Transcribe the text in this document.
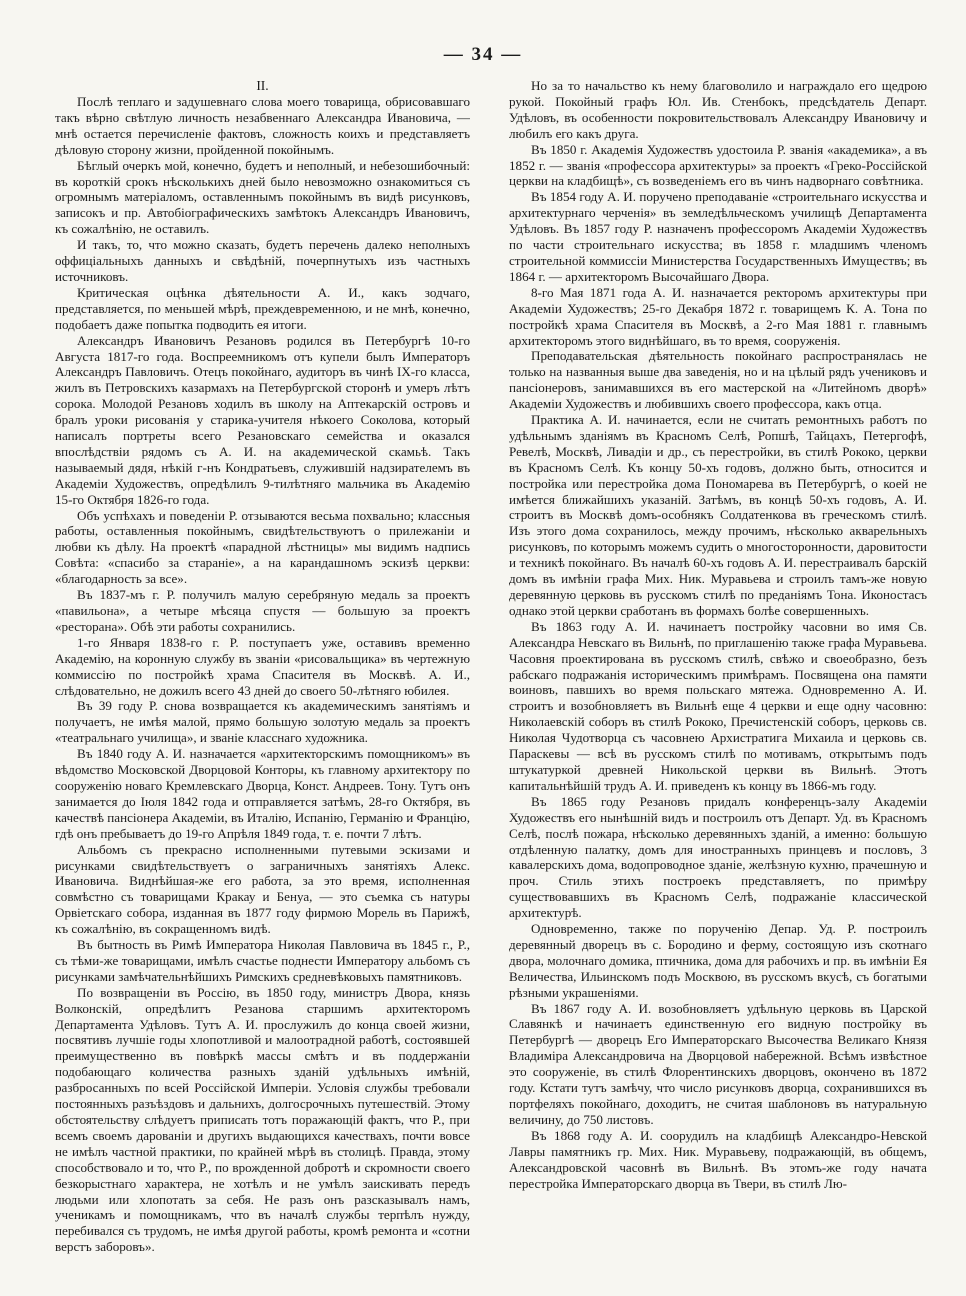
— 34 —

II.

Послѣ теплаго и задушевнаго слова моего товарища, обрисовавшаго такъ вѣрно свѣтлую личность незабвеннаго Александра Ивановича, — мнѣ остается перечисленіе фактовъ, сложность коихъ и представляетъ дѣловую сторону жизни, пройденной покойнымъ.

Бѣглый очеркъ мой, конечно, будетъ и неполный, и небезошибочный: въ короткій срокъ нѣсколькихъ дней было невозможно ознакомиться съ огромнымъ матеріаломъ, оставленнымъ покойнымъ въ видѣ рисунковъ, записокъ и пр. Автобіографическихъ замѣтокъ Александръ Ивановичъ, къ сожалѣнію, не оставилъ.

И такъ, то, что можно сказать, будетъ перечень далеко неполныхъ оффиціальныхъ данныхъ и свѣдѣній, почерпнутыхъ изъ частныхъ источниковъ.

Критическая оцѣнка дѣятельности А. И., какъ зодчаго, представляется, по меньшей мѣрѣ, преждевременною, и не мнѣ, конечно, подобаетъ даже попытка подводить ея итоги.

Александръ Ивановичъ Резановъ родился въ Петербургѣ 10-го Августа 1817-го года. Воспреемникомъ отъ купели былъ Императоръ Александръ Павловичъ. Отецъ покойнаго, аудиторъ въ чинѣ IX-го класса, жилъ въ Петровскихъ казармахъ на Петербургской сторонѣ и умеръ лѣтъ сорока. Молодой Резановъ ходилъ въ школу на Аптекарскій островъ и бралъ уроки рисованія у старика-учителя нѣкоего Соколова, который написалъ портреты всего Резановскаго семейства и оказался впослѣдствіи рядомъ съ А. И. на академической скамьѣ. Такъ называемый дядя, нѣкій г-нъ Кондратьевъ, служившій надзирателемъ въ Академіи Художествъ, опредѣлилъ 9-тилѣтняго мальчика въ Академію 15-го Октября 1826-го года.

Объ успѣхахъ и поведеніи Р. отзываются весьма похвально; классныя работы, оставленныя покойнымъ, свидѣтельствуютъ о прилежаніи и любви къ дѣлу. На проектѣ «парадной лѣстницы» мы видимъ надпись Совѣта: «спасибо за стараніе», а на карандашномъ эскизѣ церкви: «благодарность за все».

Въ 1837-мъ г. Р. получилъ малую серебряную медаль за проектъ «павильона», а четыре мѣсяца спустя — большую за проектъ «ресторана». Обѣ эти работы сохранились.

1-го Января 1838-го г. Р. поступаетъ уже, оставивъ временно Академію, на коронную службу въ званіи «рисовальщика» въ чертежную коммиссію по постройкѣ храма Спасителя въ Москвѣ. А. И., слѣдовательно, не дожилъ всего 43 дней до своего 50-лѣтняго юбилея.

Въ 39 году Р. снова возвращается къ академическимъ занятіямъ и получаетъ, не имѣя малой, прямо большую золотую медаль за проектъ «театральнаго училища», и званіе класснаго художника.

Въ 1840 году А. И. назначается «архитекторскимъ помощникомъ» въ вѣдомство Московской Дворцовой Конторы, къ главному архитектору по сооруженію новаго Кремлевскаго Дворца, Конст. Андреев. Тону. Тутъ онъ занимается до Іюля 1842 года и отправляется затѣмъ, 28-го Октября, въ качествѣ пансіонера Академіи, въ Италію, Испанію, Германію и Францію, гдѣ онъ пребываетъ до 19-го Апрѣля 1849 года, т. е. почти 7 лѣтъ.

Альбомъ съ прекрасно исполненными путевыми эскизами и рисунками свидѣтельствуетъ о заграничныхъ занятіяхъ Алекс. Ивановича. Виднѣйшая-же его работа, за это время, исполненная совмѣстно съ товарищами Кракау и Бенуа, — это съемка съ натуры Орвіетскаго собора, изданная въ 1877 году фирмою Морель въ Парижѣ, къ сожалѣнію, въ сокращенномъ видѣ.

Въ бытность въ Римѣ Императора Николая Павловича въ 1845 г., Р., съ тѣми-же товарищами, имѣлъ счастье поднести Императору альбомъ съ рисунками замѣчательнѣйшихъ Римскихъ средневѣковыхъ памятниковъ.

По возвращеніи въ Россію, въ 1850 году, министръ Двора, князь Волконскій, опредѣлитъ Резанова старшимъ архитекторомъ Департамента Удѣловъ. Тутъ А. И. прослужилъ до конца своей жизни, посвятивъ лучшіе годы хлопотливой и малоотрадной работѣ, состоявшей преимущественно въ повѣркѣ массы смѣтъ и въ поддержаніи подобающаго количества разныхъ зданій удѣльныхъ имѣній, разбросанныхъ по всей Россійской Имперіи. Условія службы требовали постоянныхъ разъѣздовъ и дальнихъ, долгосрочныхъ путешествій. Этому обстоятельству слѣдуетъ приписать тотъ поражающій фактъ, что Р., при всемъ своемъ дарованіи и другихъ выдающихся качествахъ, почти вовсе не имѣлъ частной практики, по крайней мѣрѣ въ столицѣ. Правда, этому способствовало и то, что Р., по врожденной добротѣ и скромности своего безкорыстнаго характера, не хотѣлъ и не умѣлъ заискивать передъ людьми или хлопотать за себя. Не разъ онъ разсказывалъ намъ, ученикамъ и помощникамъ, что въ началѣ службы терпѣлъ нужду, перебивался съ трудомъ, не имѣя другой работы, кромѣ ремонта и «сотни верстъ заборовъ».

Но за то начальство къ нему благоволило и награждало его щедрою рукой. Покойный графъ Юл. Ив. Стенбокъ, предсѣдатель Департ. Удѣловъ, въ особенности покровительствовалъ Александру Ивановичу и любилъ его какъ друга.

Въ 1850 г. Академія Художествъ удостоила Р. званія «академика», а въ 1852 г. — званія «профессора архитектуры» за проектъ «Греко-Россійской церкви на кладбищѣ», съ возведеніемъ его въ чинъ надворнаго совѣтника.

Въ 1854 году А. И. поручено преподаваніе «строительнаго искусства и архитектурнаго черченія» въ земледѣльческомъ училищѣ Департамента Удѣловъ. Въ 1857 году Р. назначенъ профессоромъ Академіи Художествъ по части строительнаго искусства; въ 1858 г. младшимъ членомъ строительной коммиссіи Министерства Государственныхъ Имуществъ; въ 1864 г. — архитекторомъ Высочайшаго Двора.

8-го Мая 1871 года А. И. назначается ректоромъ архитектуры при Академіи Художествъ; 25-го Декабря 1872 г. товарищемъ К. А. Тона по постройкѣ храма Спасителя въ Москвѣ, а 2-го Мая 1881 г. главнымъ архитекторомъ этого виднѣйшаго, въ то время, сооруженія.

Преподавательская дѣятельность покойнаго распространялась не только на названныя выше два заведенія, но и на цѣлый рядъ учениковъ и пансіонеровъ, занимавшихся въ его мастерской на «Литейномъ дворѣ» Академіи Художествъ и любившихъ своего профессора, какъ отца.

Практика А. И. начинается, если не считать ремонтныхъ работъ по удѣльнымъ зданіямъ въ Красномъ Селѣ, Ропшѣ, Тайцахъ, Петергофѣ, Ревелѣ, Москвѣ, Ливадіи и др., съ перестройки, въ стилѣ Рококо, церкви въ Красномъ Селѣ. Къ концу 50-хъ годовъ, должно быть, относится и постройка или перестройка дома Пономарева въ Петербургѣ, о коей не имѣется ближайшихъ указаній. Затѣмъ, въ концѣ 50-хъ годовъ, А. И. строитъ въ Москвѣ домъ-особнякъ Солдатенкова въ греческомъ стилѣ. Изъ этого дома сохранилось, между прочимъ, нѣсколько акварельныхъ рисунковъ, по которымъ можемъ судить о многосторонности, даровитости и техникѣ покойнаго. Въ началѣ 60-хъ годовъ А. И. перестраивалъ барскій домъ въ имѣніи графа Мих. Ник. Муравьева и строилъ тамъ-же новую деревянную церковь въ русскомъ стилѣ по преданіямъ Тона. Иконостасъ однако этой церкви сработанъ въ формахъ болѣе совершенныхъ.

Въ 1863 году А. И. начинаетъ постройку часовни во имя Св. Александра Невскаго въ Вильнѣ, по приглашенію также графа Муравьева. Часовня проектирована въ русскомъ стилѣ, свѣжо и своеобразно, безъ рабскаго подражанія историческимъ примѣрамъ. Посвящена она памяти воиновъ, павшихъ во время польскаго мятежа. Одновременно А. И. строитъ и возобновляетъ въ Вильнѣ еще 4 церкви и еще одну часовню: Николаевскій соборъ въ стилѣ Рококо, Пречистенскій соборъ, церковь св. Николая Чудотворца съ часовнею Архистратига Михаила и церковь св. Параскевы — всѣ въ русскомъ стилѣ по мотивамъ, открытымъ подъ штукатуркой древней Никольской церкви въ Вильнѣ. Этотъ капитальнѣйшій трудъ А. И. приведенъ къ концу въ 1866-мъ году.

Въ 1865 году Резановъ придалъ конференцъ-залу Академіи Художествъ его нынѣшній видъ и построилъ отъ Департ. Уд. въ Красномъ Селѣ, послѣ пожара, нѣсколько деревянныхъ зданій, а именно: большую отдѣленную палатку, домъ для иностранныхъ принцевъ и пословъ, 3 кавалерскихъ дома, водопроводное зданіе, желѣзную кухню, прачешную и проч. Стиль этихъ построекъ представляетъ, по примѣру существовавшихъ въ Красномъ Селѣ, подражаніе классической архитектурѣ.

Одновременно, также по порученію Депар. Уд. Р. построилъ деревянный дворецъ въ с. Бородино и ферму, состоящую изъ скотнаго двора, молочнаго домика, птичника, дома для рабочихъ и пр. въ имѣніи Ея Величества, Ильинскомъ подъ Москвою, въ русскомъ вкусѣ, съ богатыми рѣзными украшеніями.

Въ 1867 году А. И. возобновляетъ удѣльную церковь въ Царской Славянкѣ и начинаетъ единственную его видную постройку въ Петербургѣ — дворецъ Его Императорскаго Высочества Великаго Князя Владиміра Александровича на Дворцовой набережной. Всѣмъ извѣстное это сооруженіе, въ стилѣ Флорентинскихъ дворцовъ, окончено въ 1872 году. Кстати тутъ замѣчу, что число рисунковъ дворца, сохранившихся въ портфеляхъ покойнаго, доходитъ, не считая шаблоновъ въ натуральную величину, до 750 листовъ.

Въ 1868 году А. И. соорудилъ на кладбищѣ Александро-Невской Лавры памятникъ гр. Мих. Ник. Муравьеву, подражающій, въ общемъ, Александровской часовнѣ въ Вильнѣ. Въ этомъ-же году начата перестройка Императорскаго дворца въ Твери, въ стилѣ Лю-
